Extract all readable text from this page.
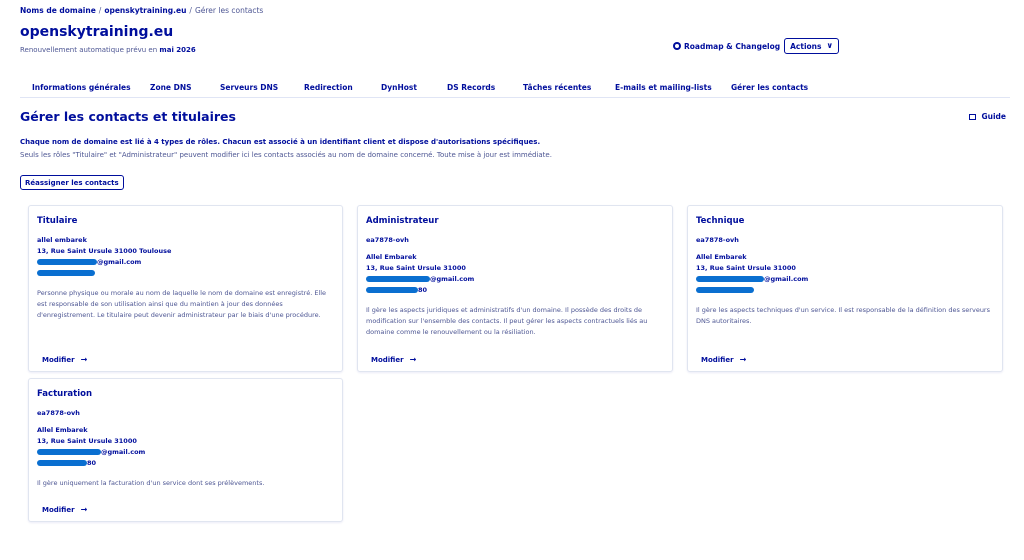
Noms de domaine / openskytraining.eu / Gérer les contacts
openskytraining.eu
Renouvellement automatique prévu en mai 2026	Roadmap & Changelog Actions ∨
Informations générales	Zone DNS	Serveurs DNS	Redirection	DynHost	DS Records	Tâches récentes	E-mails et mailing-lists	Gérer les contacts
Gérer les contacts et titulaires	Guide
Chaque nom de domaine est lié à 4 types de rôles. Chacun est associé à un identifiant client et dispose d'autorisations spécifiques.
Seuls les rôles "Titulaire" et "Administrateur" peuvent modifier ici les contacts associés au nom de domaine concerné. Toute mise à jour est immédiate.
Réassigner les contacts
Titulaire
allel embarek
13, Rue Saint Ursule 31000 Toulouse
@gmail.com
Personne physique ou morale au nom de laquelle le nom de domaine est enregistré. Elle est responsable de son utilisation ainsi que du maintien à jour des données d'enregistrement. Le titulaire peut devenir administrateur par le biais d'une procédure.
Modifier →
Administrateur
ea7878-ovh
Allel Embarek
13, Rue Saint Ursule 31000
@gmail.com
80
Il gère les aspects juridiques et administratifs d'un domaine. Il possède des droits de modification sur l'ensemble des contacts. Il peut gérer les aspects contractuels liés au domaine comme le renouvellement ou la résiliation.
Modifier →
Technique
ea7878-ovh
Allel Embarek
13, Rue Saint Ursule 31000
@gmail.com
Il gère les aspects techniques d'un service. Il est responsable de la définition des serveurs DNS autoritaires.
Modifier →
Facturation
ea7878-ovh
Allel Embarek
13, Rue Saint Ursule 31000
@gmail.com
80
Il gère uniquement la facturation d'un service dont ses prélèvements.
Modifier →
